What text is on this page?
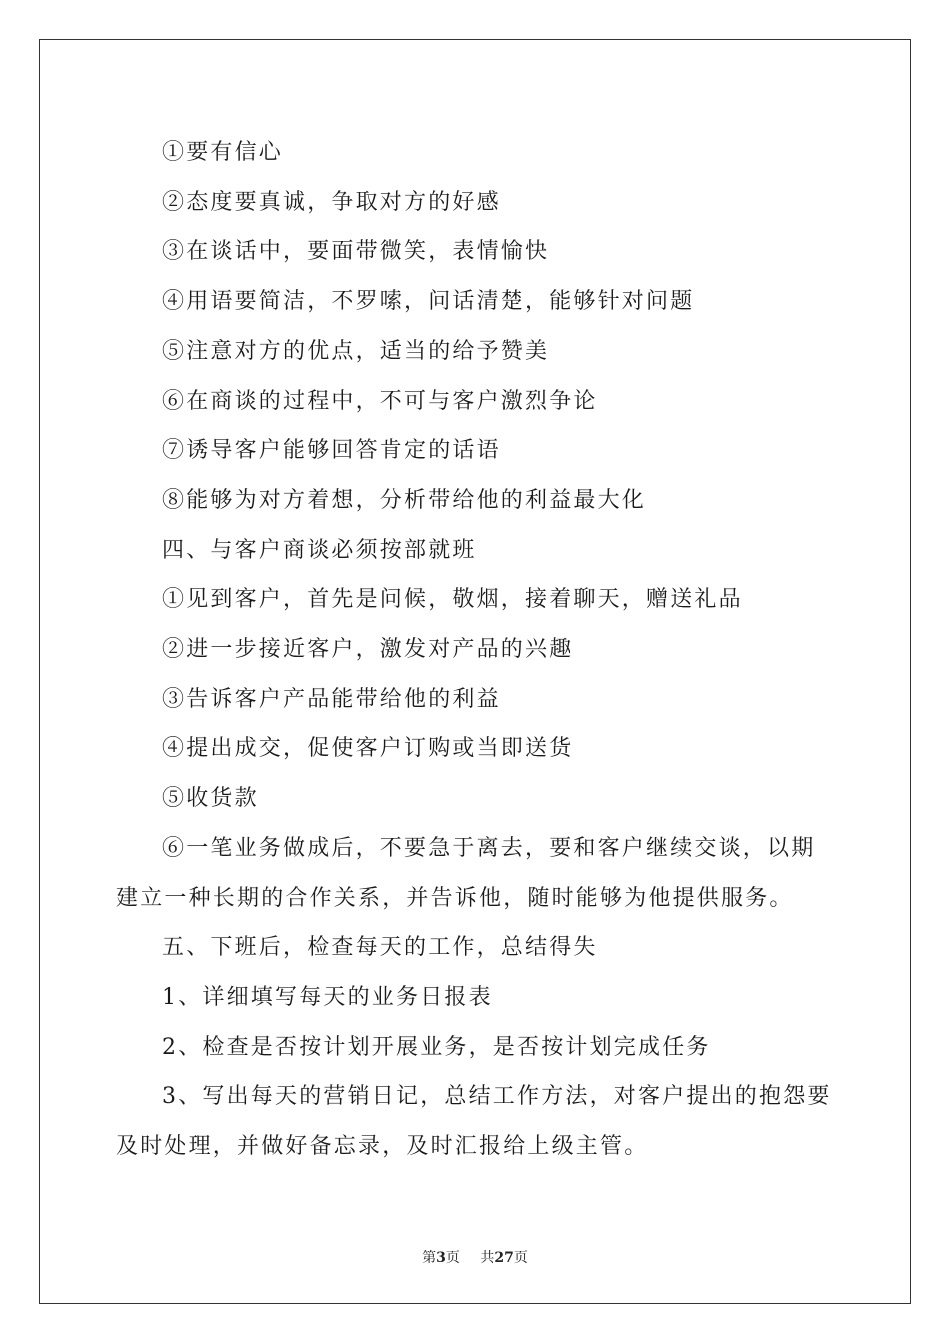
①要有信心

②态度要真诚，争取对方的好感

③在谈话中，要面带微笑，表情愉快

④用语要简洁，不罗嗦，问话清楚，能够针对问题

⑤注意对方的优点，适当的给予赞美

⑥在商谈的过程中，不可与客户激烈争论

⑦诱导客户能够回答肯定的话语

⑧能够为对方着想，分析带给他的利益最大化

四、与客户商谈必须按部就班

①见到客户，首先是问候，敬烟，接着聊天，赠送礼品

②进一步接近客户，激发对产品的兴趣

③告诉客户产品能带给他的利益

④提出成交，促使客户订购或当即送货

⑤收货款

⑥一笔业务做成后，不要急于离去，要和客户继续交谈，以期建立一种长期的合作关系，并告诉他，随时能够为他提供服务。

五、下班后，检查每天的工作，总结得失

1、详细填写每天的业务日报表

2、检查是否按计划开展业务，是否按计划完成任务

3、写出每天的营销日记，总结工作方法，对客户提出的抱怨要及时处理，并做好备忘录，及时汇报给上级主管。

第3页 共27页
